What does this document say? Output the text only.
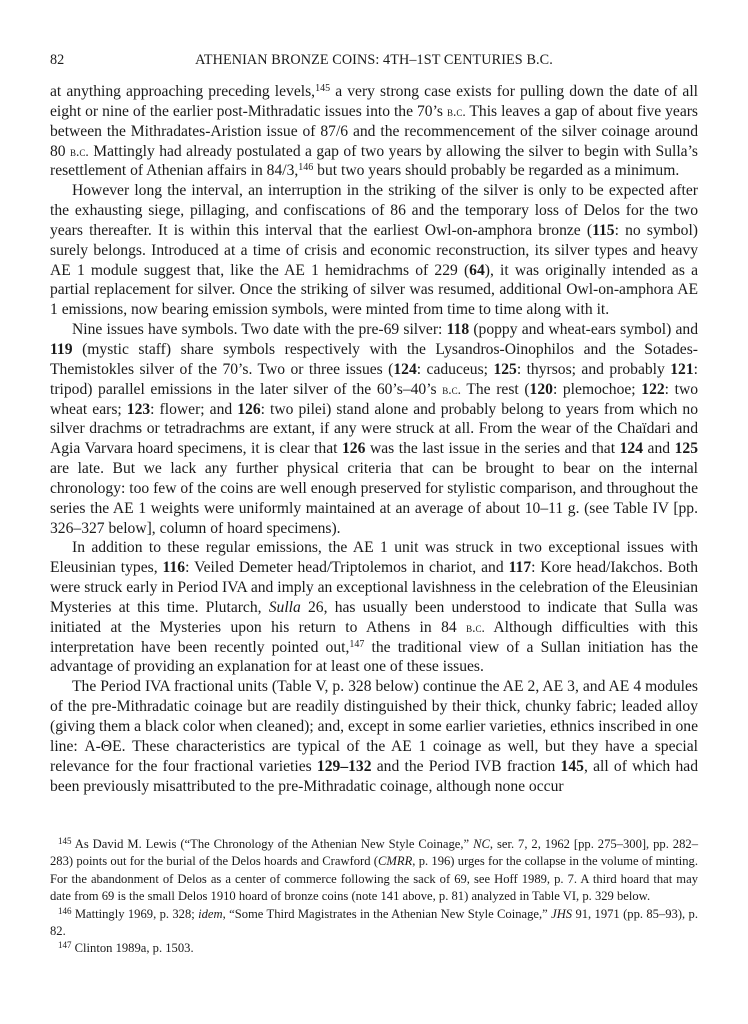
82	ATHENIAN BRONZE COINS: 4TH–1ST CENTURIES B.C.

at anything approaching preceding levels,$^{145}$ a very strong case exists for pulling down the date of all eight or nine of the earlier post-Mithradatic issues into the 70’s b.c. This leaves a gap of about five years between the Mithradates-Aristion issue of 87/6 and the recommencement of the silver coinage around 80 b.c. Mattingly had already postulated a gap of two years by allowing the silver to begin with Sulla’s resettlement of Athenian affairs in 84/3,$^{146}$ but two years should probably be regarded as a minimum.

However long the interval, an interruption in the striking of the silver is only to be expected after the exhausting siege, pillaging, and confiscations of 86 and the temporary loss of Delos for the two years thereafter. It is within this interval that the earliest Owl-on-amphora bronze (115: no symbol) surely belongs. Introduced at a time of crisis and economic reconstruction, its silver types and heavy AE 1 module suggest that, like the AE 1 hemidrachms of 229 (64), it was originally intended as a partial replacement for silver. Once the striking of silver was resumed, additional Owl-on-amphora AE 1 emissions, now bearing emission symbols, were minted from time to time along with it.

Nine issues have symbols. Two date with the pre-69 silver: 118 (poppy and wheat-ears symbol) and 119 (mystic staff) share symbols respectively with the Lysandros-Oinophilos and the Sotades-Themistokles silver of the 70’s. Two or three issues (124: caduceus; 125: thyrsos; and probably 121: tripod) parallel emissions in the later silver of the 60’s–40’s b.c. The rest (120: plemochoe; 122: two wheat ears; 123: flower; and 126: two pilei) stand alone and probably belong to years from which no silver drachms or tetradrachms are extant, if any were struck at all. From the wear of the Chaïdari and Agia Varvara hoard specimens, it is clear that 126 was the last issue in the series and that 124 and 125 are late. But we lack any further physical criteria that can be brought to bear on the internal chronology: too few of the coins are well enough preserved for stylistic comparison, and throughout the series the AE 1 weights were uniformly maintained at an average of about 10–11 g. (see Table IV [pp. 326–327 below], column of hoard specimens).

In addition to these regular emissions, the AE 1 unit was struck in two exceptional issues with Eleusinian types, 116: Veiled Demeter head/Triptolemos in chariot, and 117: Kore head/Iakchos. Both were struck early in Period IVA and imply an exceptional lavishness in the celebration of the Eleusinian Mysteries at this time. Plutarch, Sulla 26, has usually been understood to indicate that Sulla was initiated at the Mysteries upon his return to Athens in 84 b.c. Although difficulties with this interpretation have been recently pointed out,$^{147}$ the traditional view of a Sullan initiation has the advantage of providing an explanation for at least one of these issues.

The Period IVA fractional units (Table V, p. 328 below) continue the AE 2, AE 3, and AE 4 modules of the pre-Mithradatic coinage but are readily distinguished by their thick, chunky fabric; leaded alloy (giving them a black color when cleaned); and, except in some earlier varieties, ethnics inscribed in one line: Α-ΘΕ. These characteristics are typical of the AE 1 coinage as well, but they have a special relevance for the four fractional varieties 129–132 and the Period IVB fraction 145, all of which had been previously misattributed to the pre-Mithradatic coinage, although none occur

$^{145}$ As David M. Lewis (“The Chronology of the Athenian New Style Coinage,” NC, ser. 7, 2, 1962 [pp. 275–300], pp. 282–283) points out for the burial of the Delos hoards and Crawford (CMRR, p. 196) urges for the collapse in the volume of minting. For the abandonment of Delos as a center of commerce following the sack of 69, see Hoff 1989, p. 7. A third hoard that may date from 69 is the small Delos 1910 hoard of bronze coins (note 141 above, p. 81) analyzed in Table VI, p. 329 below.

$^{146}$ Mattingly 1969, p. 328; idem, “Some Third Magistrates in the Athenian New Style Coinage,” JHS 91, 1971 (pp. 85–93), p. 82.

$^{147}$ Clinton 1989a, p. 1503.
